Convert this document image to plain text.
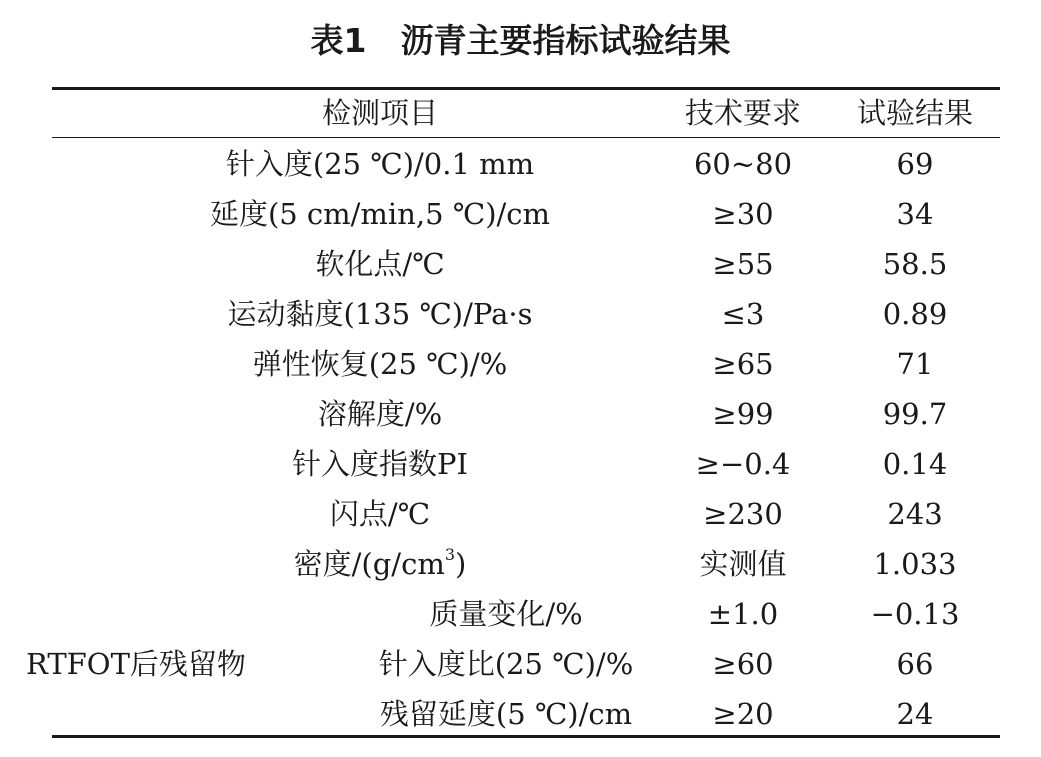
表1 沥青主要指标试验结果
检测项目	技术要求	试验结果
针入度(25 ℃)/0.1 mm	60~80	69
延度(5 cm/min,5 ℃)/cm	≥30	34
软化点/℃	≥55	58.5
运动黏度(135 ℃)/Pa·s	≤3	0.89
弹性恢复(25 ℃)/%	≥65	71
溶解度/%	≥99	99.7
针入度指数PI	≥−0.4	0.14
闪点/℃	≥230	243
密度$/(g/cm^3)$	实测值	1.033
RTFOT后残留物
质量变化/%	±1.0	−0.13
针入度比(25 ℃)/%	≥60	66
残留延度(5 ℃)/cm	≥20	24
